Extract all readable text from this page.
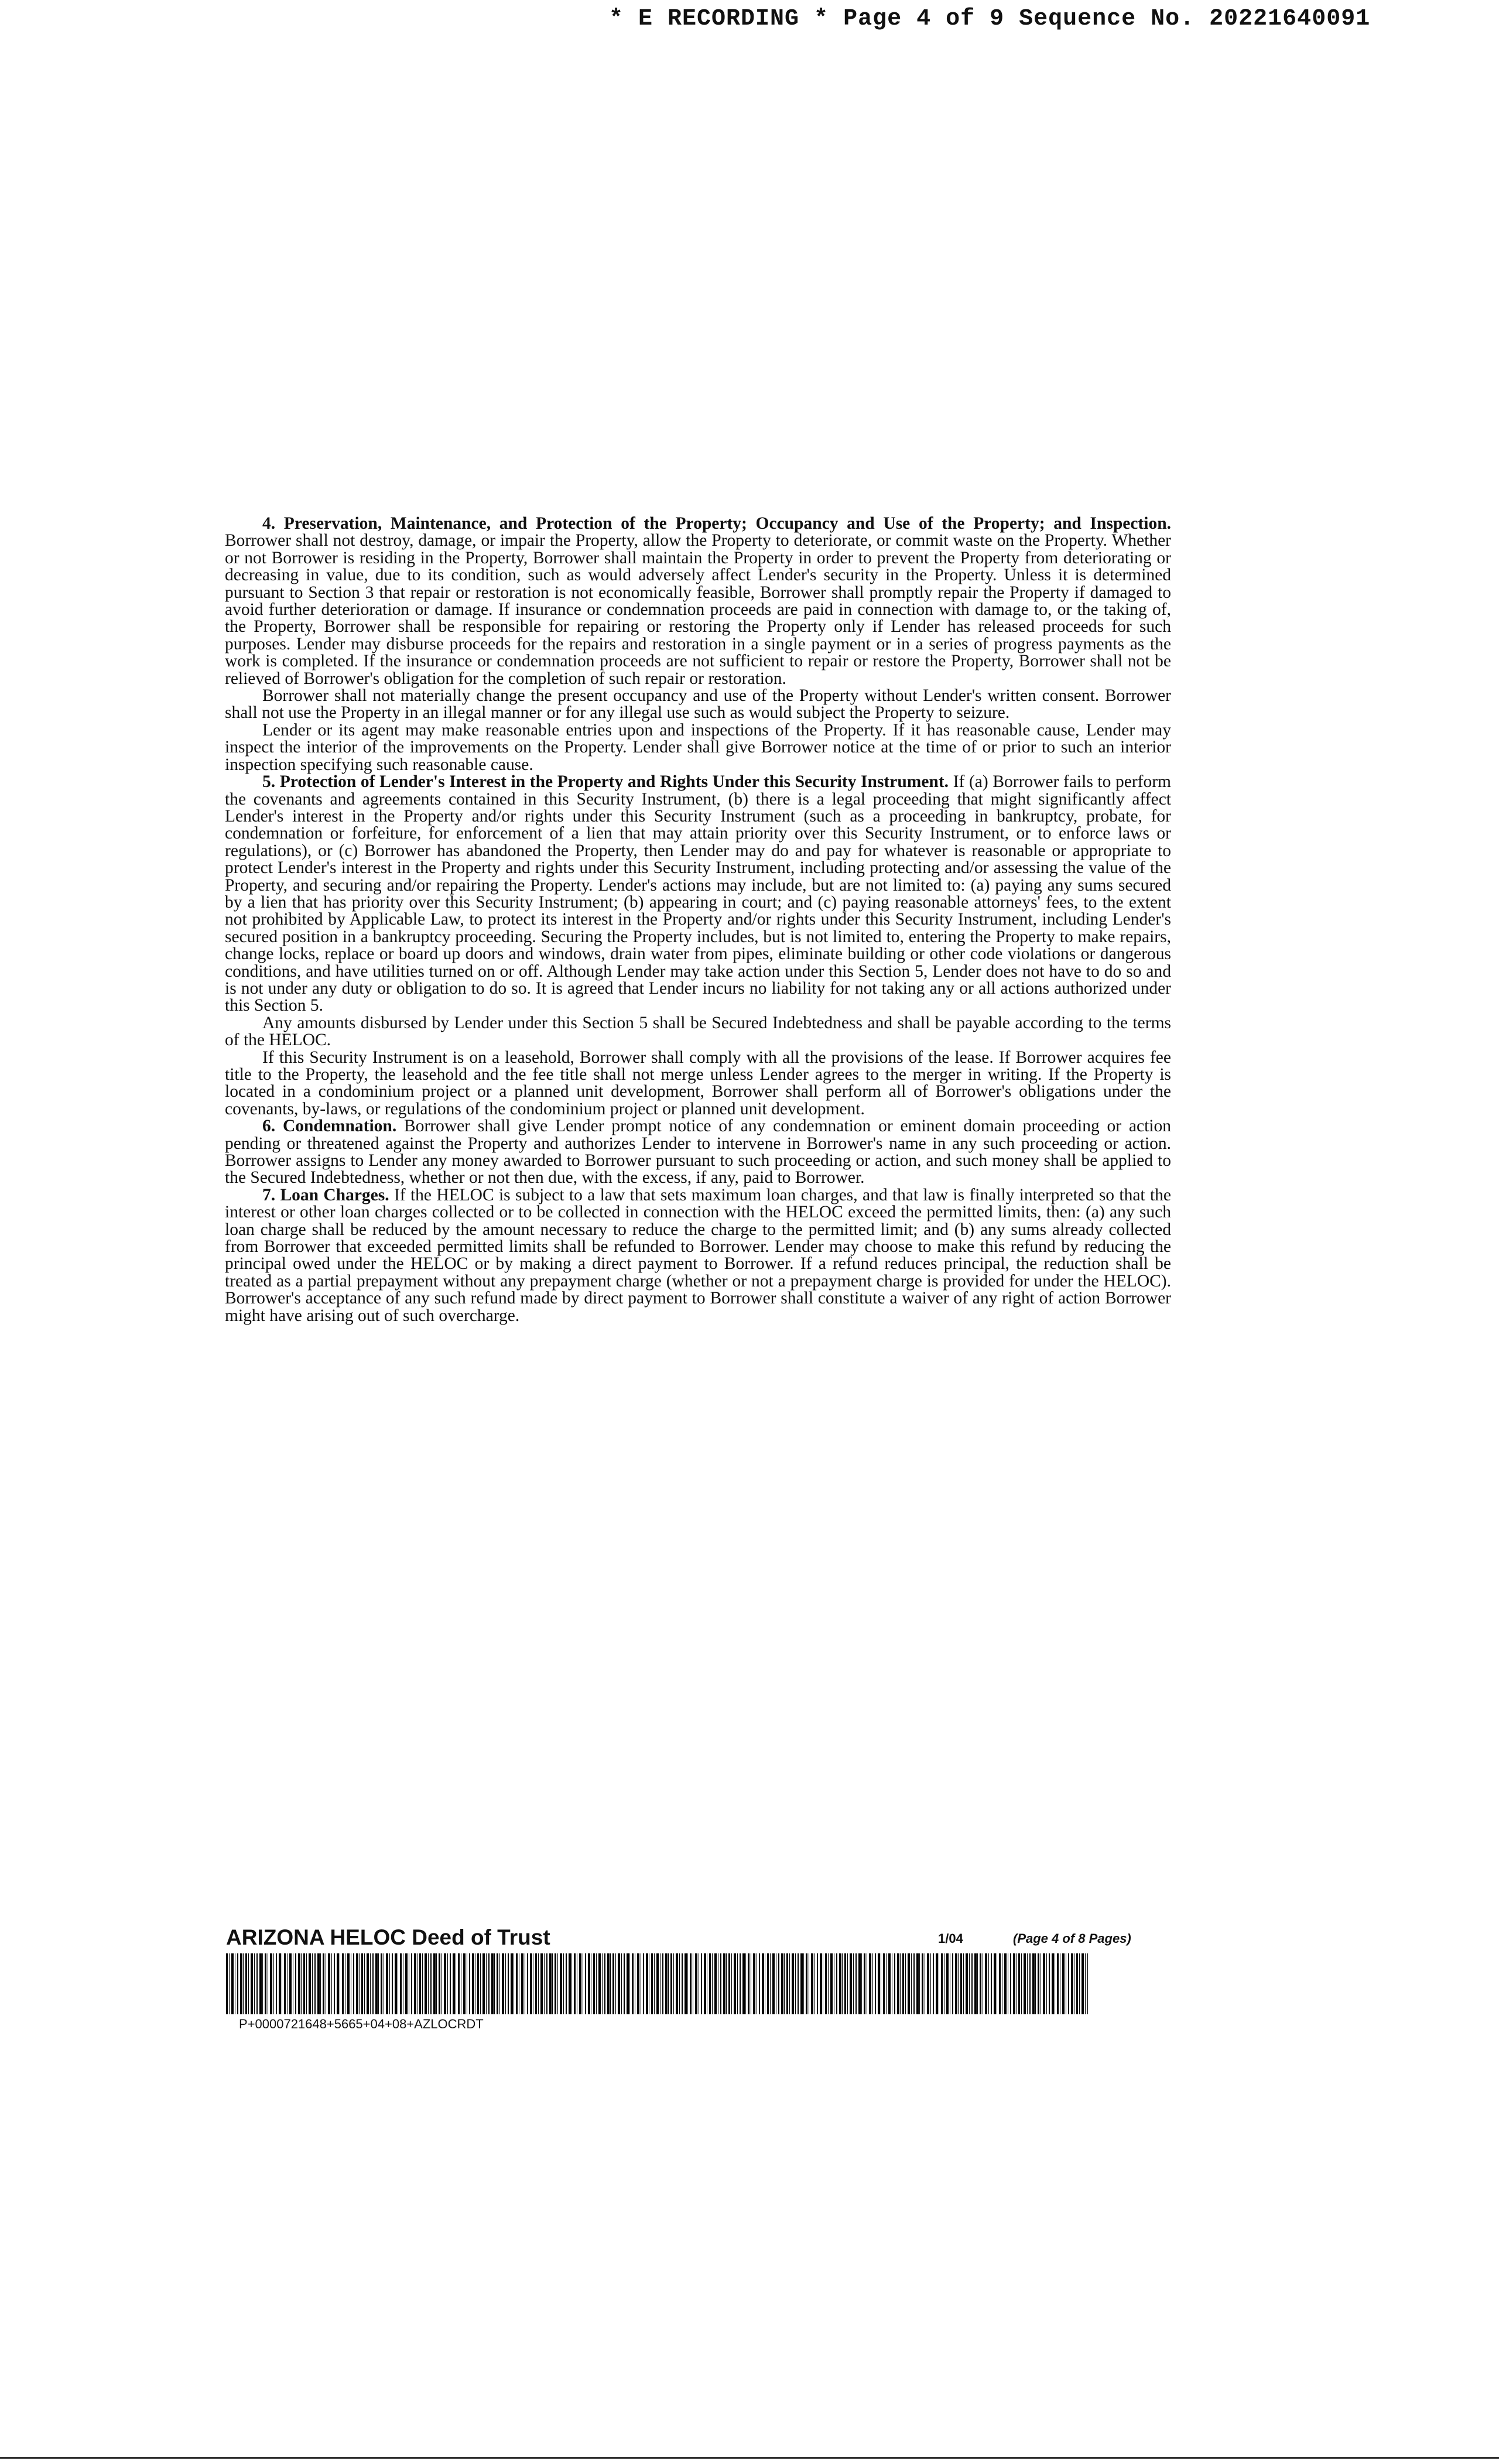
* E RECORDING * Page 4 of 9 Sequence No. 20221640091

4. Preservation, Maintenance, and Protection of the Property; Occupancy and Use of the Property; and Inspection. Borrower shall not destroy, damage, or impair the Property, allow the Property to deteriorate, or commit waste on the Property. Whether or not Borrower is residing in the Property, Borrower shall maintain the Property in order to prevent the Property from deteriorating or decreasing in value, due to its condition, such as would adversely affect Lender's security in the Property. Unless it is determined pursuant to Section 3 that repair or restoration is not economically feasible, Borrower shall promptly repair the Property if damaged to avoid further deterioration or damage. If insurance or condemnation proceeds are paid in connection with damage to, or the taking of, the Property, Borrower shall be responsible for repairing or restoring the Property only if Lender has released proceeds for such purposes. Lender may disburse proceeds for the repairs and restoration in a single payment or in a series of progress payments as the work is completed. If the insurance or condemnation proceeds are not sufficient to repair or restore the Property, Borrower shall not be relieved of Borrower's obligation for the completion of such repair or restoration.

Borrower shall not materially change the present occupancy and use of the Property without Lender's written consent. Borrower shall not use the Property in an illegal manner or for any illegal use such as would subject the Property to seizure.

Lender or its agent may make reasonable entries upon and inspections of the Property. If it has reasonable cause, Lender may inspect the interior of the improvements on the Property. Lender shall give Borrower notice at the time of or prior to such an interior inspection specifying such reasonable cause.

5. Protection of Lender's Interest in the Property and Rights Under this Security Instrument. If (a) Borrower fails to perform the covenants and agreements contained in this Security Instrument, (b) there is a legal proceeding that might significantly affect Lender's interest in the Property and/or rights under this Security Instrument (such as a proceeding in bankruptcy, probate, for condemnation or forfeiture, for enforcement of a lien that may attain priority over this Security Instrument, or to enforce laws or regulations), or (c) Borrower has abandoned the Property, then Lender may do and pay for whatever is reasonable or appropriate to protect Lender's interest in the Property and rights under this Security Instrument, including protecting and/or assessing the value of the Property, and securing and/or repairing the Property. Lender's actions may include, but are not limited to: (a) paying any sums secured by a lien that has priority over this Security Instrument; (b) appearing in court; and (c) paying reasonable attorneys' fees, to the extent not prohibited by Applicable Law, to protect its interest in the Property and/or rights under this Security Instrument, including Lender's secured position in a bankruptcy proceeding. Securing the Property includes, but is not limited to, entering the Property to make repairs, change locks, replace or board up doors and windows, drain water from pipes, eliminate building or other code violations or dangerous conditions, and have utilities turned on or off. Although Lender may take action under this Section 5, Lender does not have to do so and is not under any duty or obligation to do so. It is agreed that Lender incurs no liability for not taking any or all actions authorized under this Section 5.

Any amounts disbursed by Lender under this Section 5 shall be Secured Indebtedness and shall be payable according to the terms of the HELOC.

If this Security Instrument is on a leasehold, Borrower shall comply with all the provisions of the lease. If Borrower acquires fee title to the Property, the leasehold and the fee title shall not merge unless Lender agrees to the merger in writing. If the Property is located in a condominium project or a planned unit development, Borrower shall perform all of Borrower's obligations under the covenants, by-laws, or regulations of the condominium project or planned unit development.

6. Condemnation. Borrower shall give Lender prompt notice of any condemnation or eminent domain proceeding or action pending or threatened against the Property and authorizes Lender to intervene in Borrower's name in any such proceeding or action. Borrower assigns to Lender any money awarded to Borrower pursuant to such proceeding or action, and such money shall be applied to the Secured Indebtedness, whether or not then due, with the excess, if any, paid to Borrower.

7. Loan Charges. If the HELOC is subject to a law that sets maximum loan charges, and that law is finally interpreted so that the interest or other loan charges collected or to be collected in connection with the HELOC exceed the permitted limits, then: (a) any such loan charge shall be reduced by the amount necessary to reduce the charge to the permitted limit; and (b) any sums already collected from Borrower that exceeded permitted limits shall be refunded to Borrower. Lender may choose to make this refund by reducing the principal owed under the HELOC or by making a direct payment to Borrower. If a refund reduces principal, the reduction shall be treated as a partial prepayment without any prepayment charge (whether or not a prepayment charge is provided for under the HELOC). Borrower's acceptance of any such refund made by direct payment to Borrower shall constitute a waiver of any right of action Borrower might have arising out of such overcharge.

ARIZONA HELOC Deed of Trust	1/04	(Page 4 of 8 Pages)
P+0000721648+5665+04+08+AZLOCRDT
